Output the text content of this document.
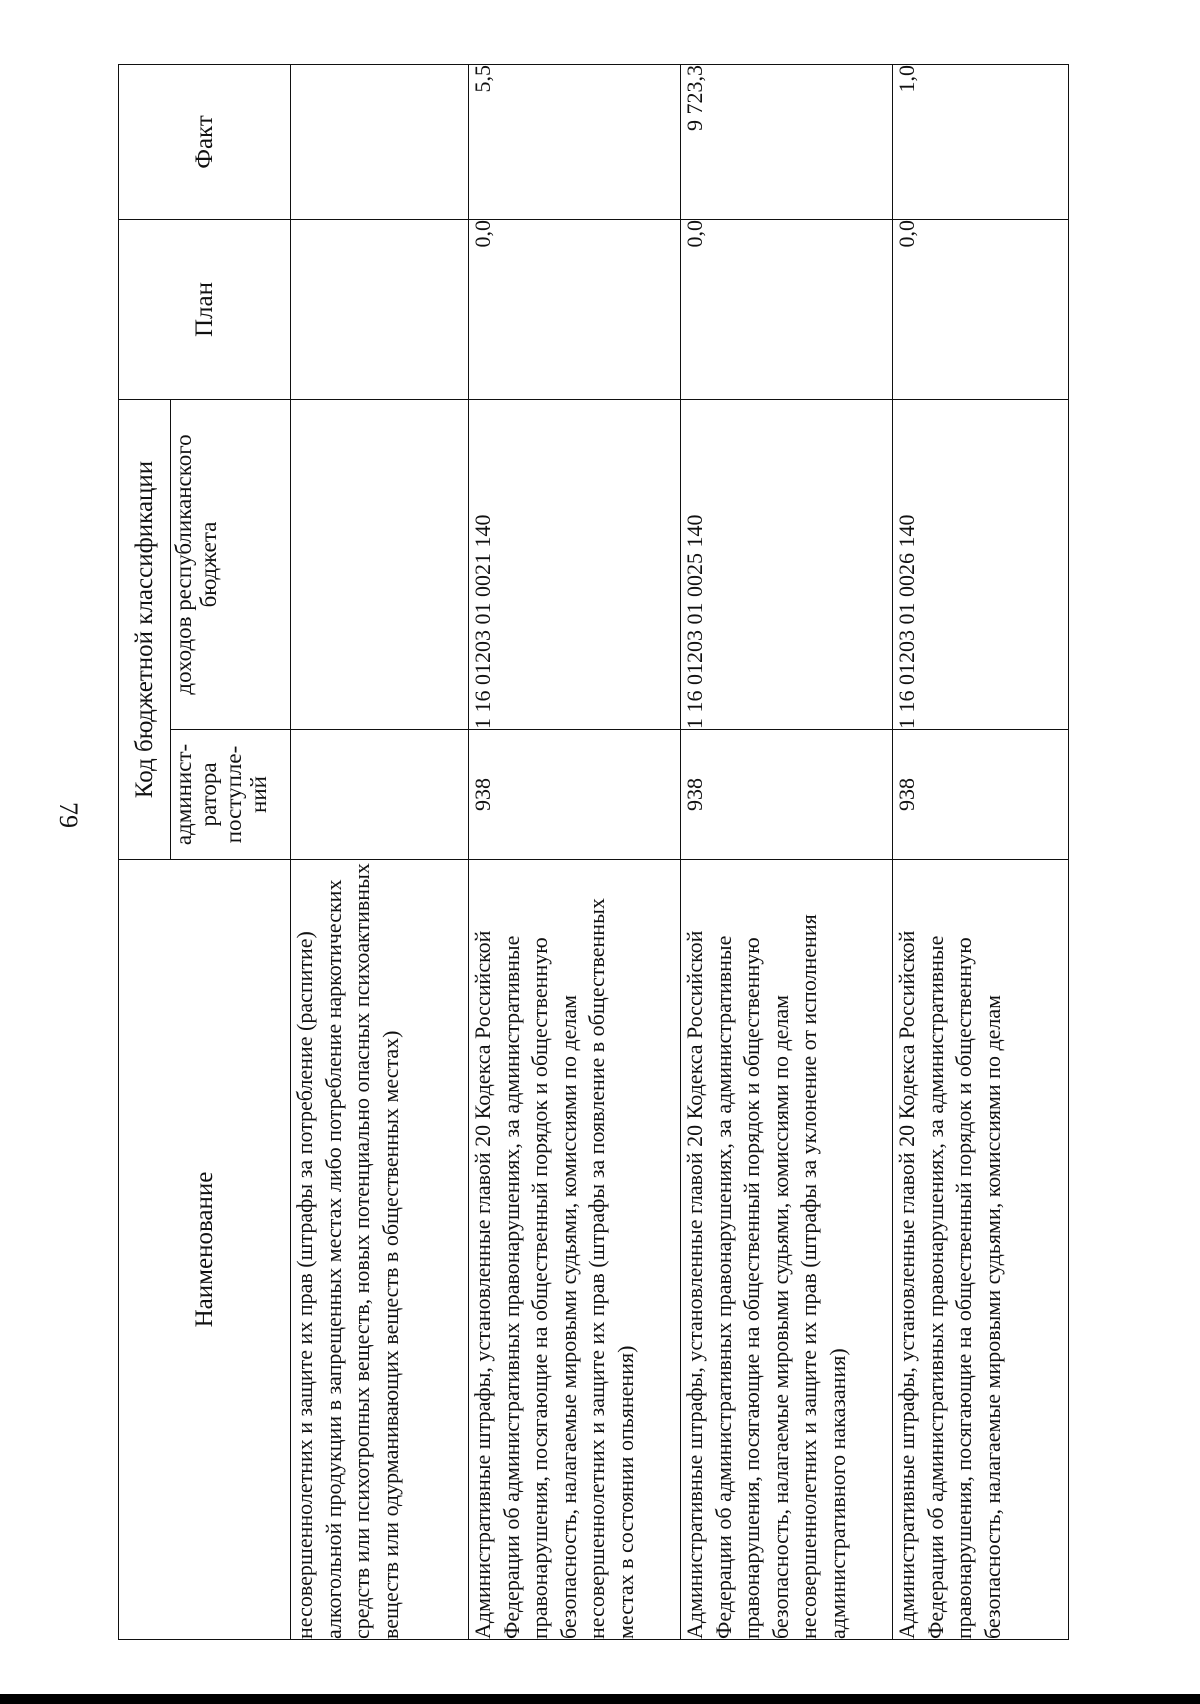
79
Наименование	Код бюджетной классификации		План	Факт
	админист-ратора поступле-ний	доходов республиканского бюджета		
несовершеннолетних и защите их прав (штрафы за потребление (распитие) алкогольной продукции в запрещенных местах либо потребление наркотических средств или психотропных веществ, новых потенциально опасных психоактивных веществ или одурманивающих веществ в общественных местах)				
Административные штрафы, установленные главой 20 Кодекса Российской Федерации об административных правонарушениях, за административные правонарушения, посягающие на общественный порядок и общественную безопасность, налагаемые мировыми судьями, комиссиями по делам несовершеннолетних и защите их прав (штрафы за появление в общественных местах в состоянии опьянения)	938	1 16 01203 01 0021 140	0,0	5,5
Административные штрафы, установленные главой 20 Кодекса Российской Федерации об административных правонарушениях, за административные правонарушения, посягающие на общественный порядок и общественную безопасность, налагаемые мировыми судьями, комиссиями по делам несовершеннолетних и защите их прав (штрафы за уклонение от исполнения административного наказания)	938	1 16 01203 01 0025 140	0,0	9 723,3
Административные штрафы, установленные главой 20 Кодекса Российской Федерации об административных правонарушениях, за административные правонарушения, посягающие на общественный порядок и общественную безопасность, налагаемые мировыми судьями, комиссиями по делам	938	1 16 01203 01 0026 140	0,0	1,0
